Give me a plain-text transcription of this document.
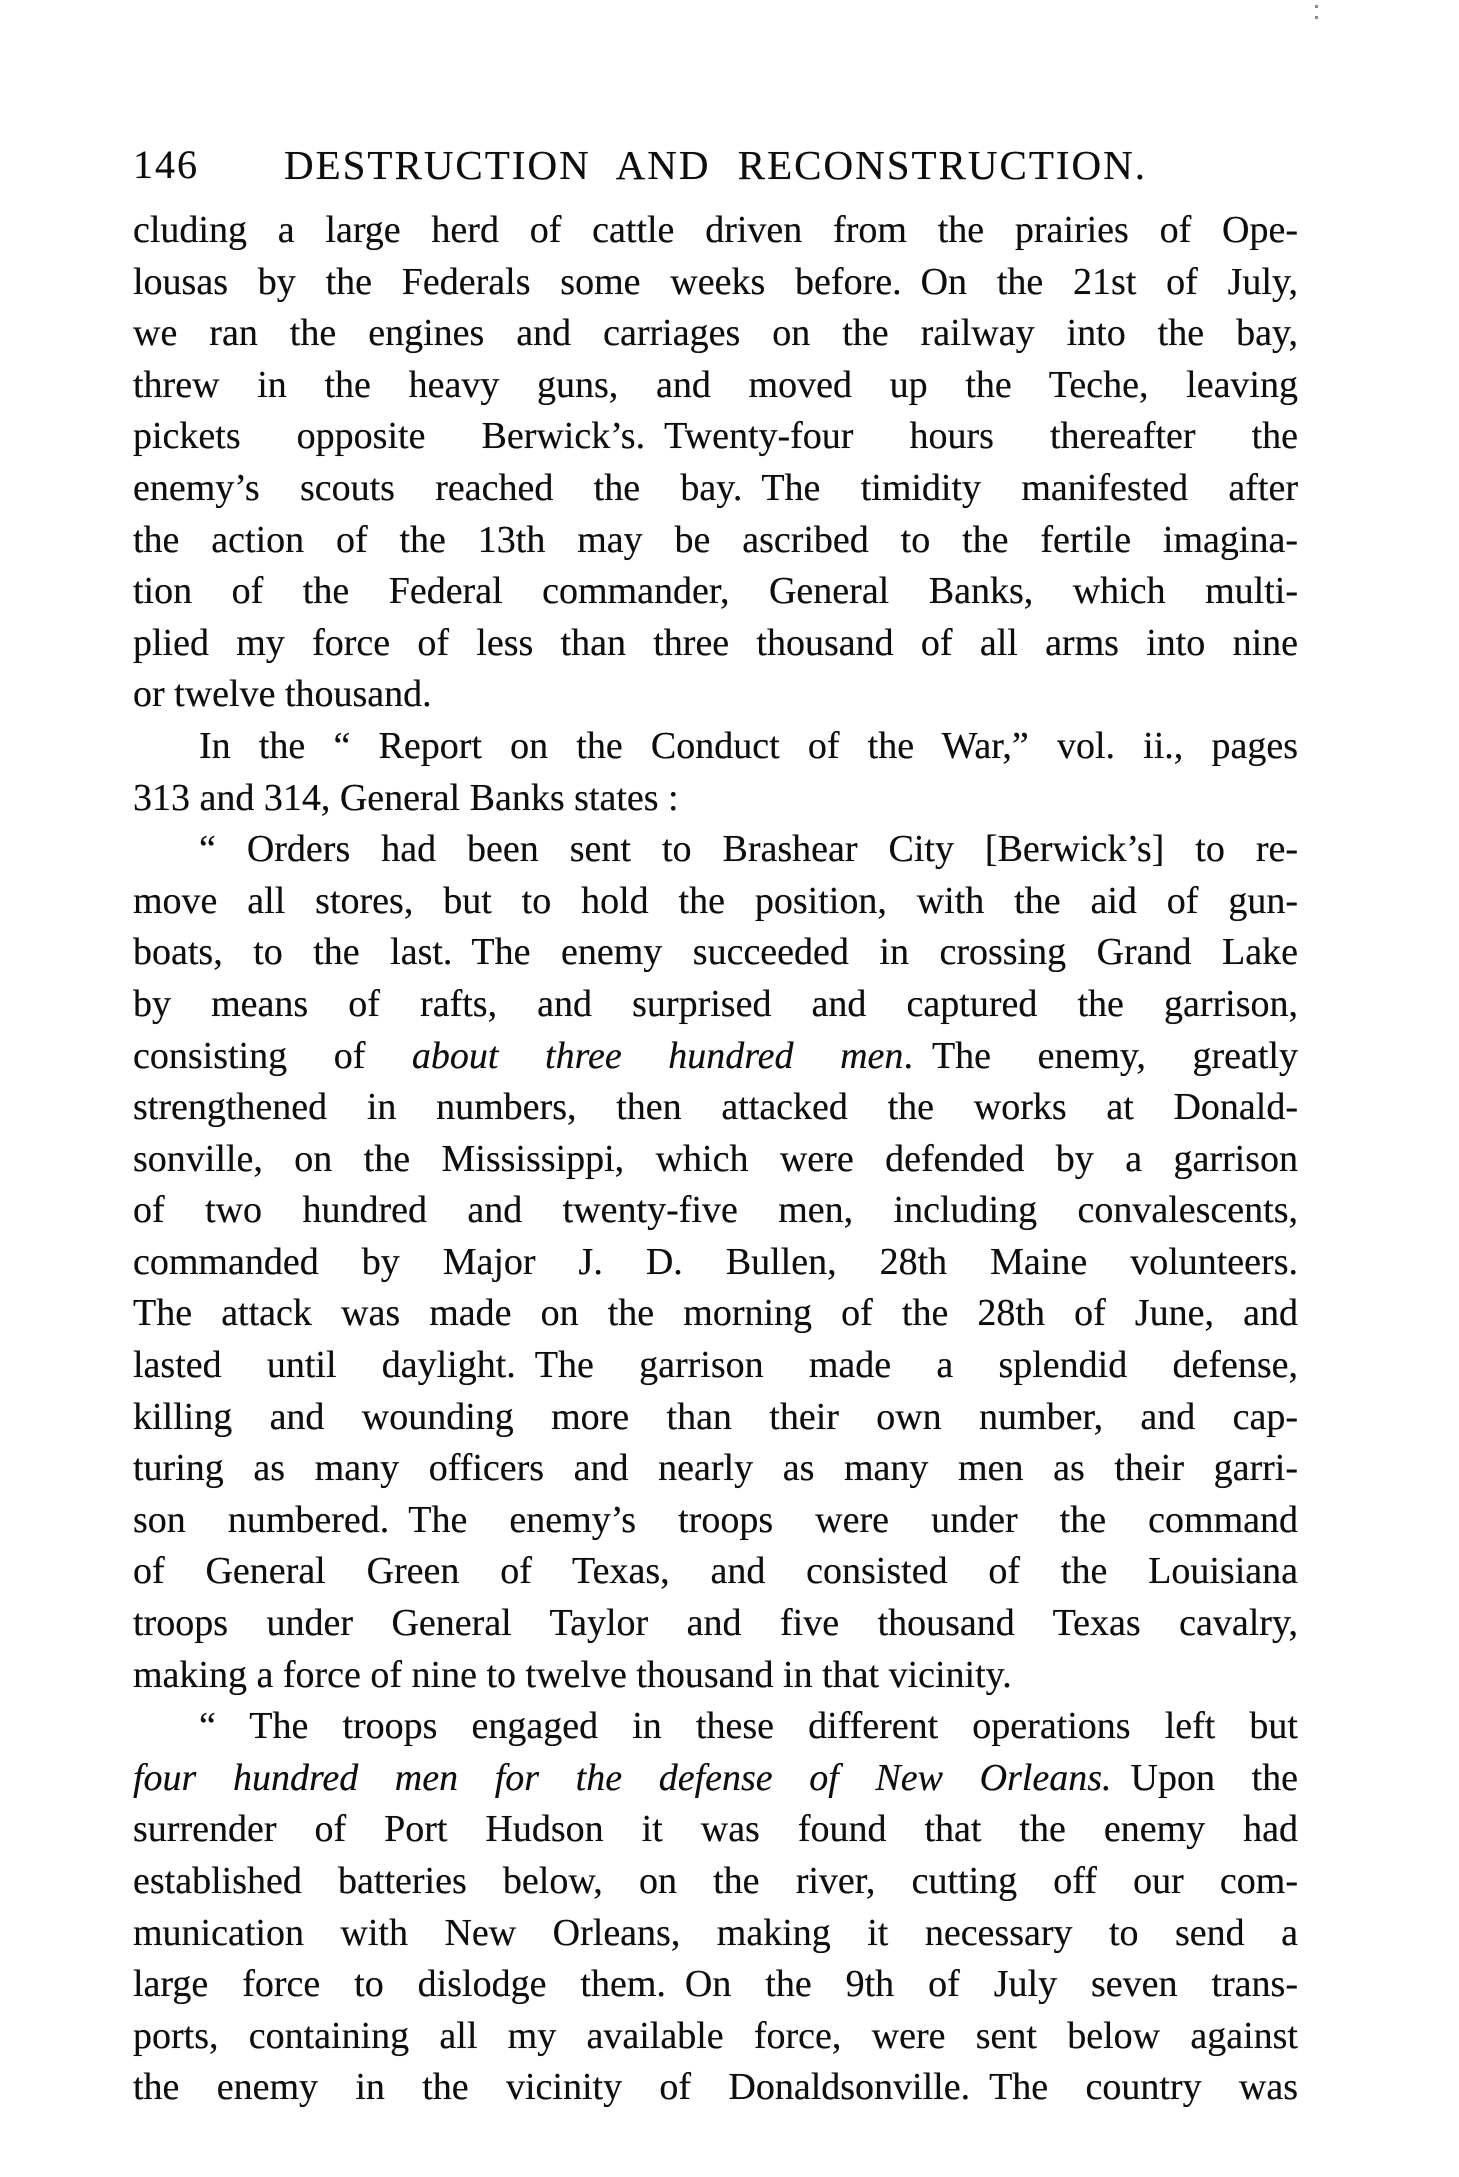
146	DESTRUCTION AND RECONSTRUCTION.
cluding a large herd of cattle driven from the prairies of Ope-
lousas by the Federals some weeks before. On the 21st of July,
we ran the engines and carriages on the railway into the bay,
threw in the heavy guns, and moved up the Teche, leaving
pickets opposite Berwick’s. Twenty-four hours thereafter the
enemy’s scouts reached the bay. The timidity manifested after
the action of the 13th may be ascribed to the fertile imagina-
tion of the Federal commander, General Banks, which multi-
plied my force of less than three thousand of all arms into nine
or twelve thousand.
In the “ Report on the Conduct of the War,” vol. ii., pages
313 and 314, General Banks states :
“ Orders had been sent to Brashear City [Berwick’s] to re-
move all stores, but to hold the position, with the aid of gun-
boats, to the last. The enemy succeeded in crossing Grand Lake
by means of rafts, and surprised and captured the garrison,
consisting of about three hundred men. The enemy, greatly
strengthened in numbers, then attacked the works at Donald-
sonville, on the Mississippi, which were defended by a garrison
of two hundred and twenty-five men, including convalescents,
commanded by Major J. D. Bullen, 28th Maine volunteers.
The attack was made on the morning of the 28th of June, and
lasted until daylight. The garrison made a splendid defense,
killing and wounding more than their own number, and cap-
turing as many officers and nearly as many men as their garri-
son numbered. The enemy’s troops were under the command
of General Green of Texas, and consisted of the Louisiana
troops under General Taylor and five thousand Texas cavalry,
making a force of nine to twelve thousand in that vicinity.
“ The troops engaged in these different operations left but
four hundred men for the defense of New Orleans. Upon the
surrender of Port Hudson it was found that the enemy had
established batteries below, on the river, cutting off our com-
munication with New Orleans, making it necessary to send a
large force to dislodge them. On the 9th of July seven trans-
ports, containing all my available force, were sent below against
the enemy in the vicinity of Donaldsonville. The country was
